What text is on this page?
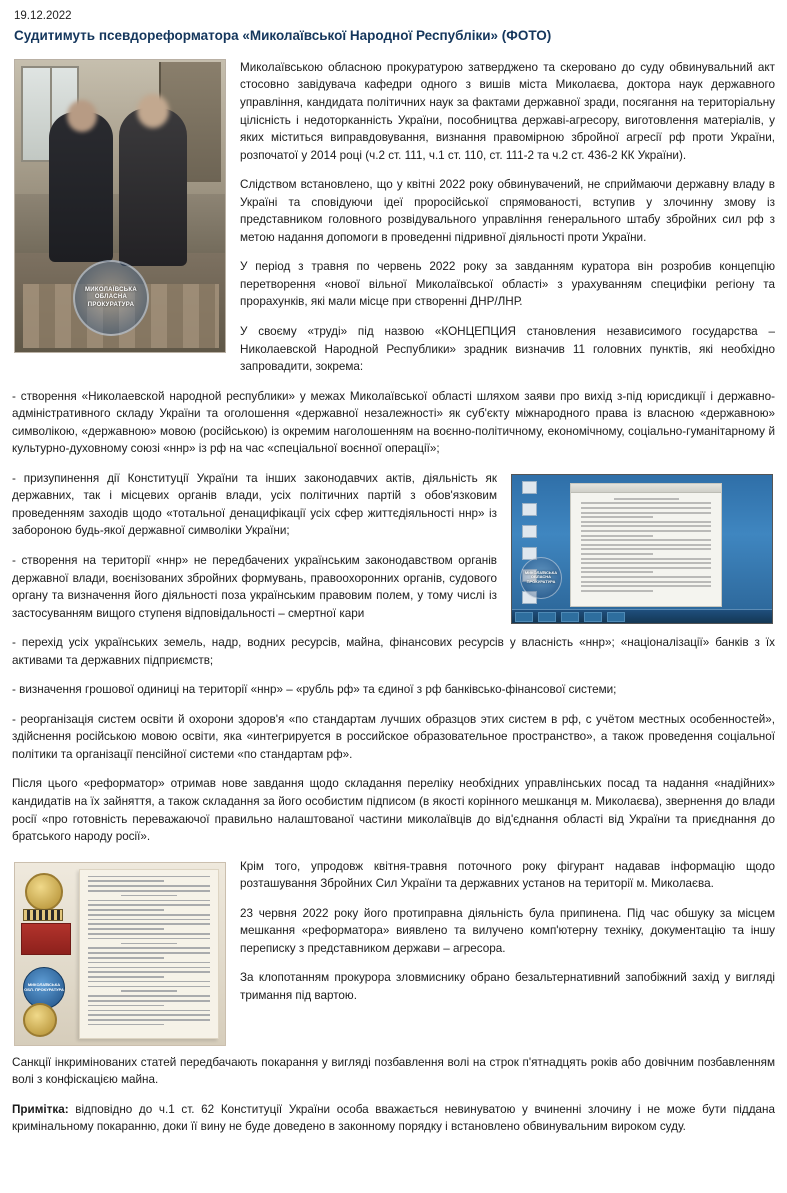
19.12.2022
Судитимуть псевдореформатора «Миколаївської Народної Республіки» (ФОТО)
МИКОЛАЇВСЬКА
ОБЛАСНА
ПРОКУРАТУРА

Миколаївською обласною прокуратурою затверджено та скеровано до суду обвинувальний акт стосовно завідувача кафедри одного з вишів міста Миколаєва, доктора наук державного управління, кандидата політичних наук за фактами державної зради, посягання на територіальну цілісність і недоторканність України, пособництва державі-агресору, виготовлення матеріалів, у яких міститься виправдовування, визнання правомірною збройної агресії рф проти України, розпочатої у 2014 році (ч.2 ст. 111, ч.1 ст. 110, ст. 111-2 та ч.2 ст. 436-2 КК України).

Слідством встановлено, що у квітні 2022 року обвинувачений, не сприймаючи державну владу в Україні та сповідуючи ідеї проросійської спрямованості, вступив у злочинну змову із представником головного розвідувального управління генерального штабу збройних сил рф з метою надання допомоги в проведенні підривної діяльності проти України.

У період з травня по червень 2022 року за завданням куратора він розробив концепцію перетворення «нової вільної Миколаївської області» з урахуванням специфіки регіону та прорахунків, які мали місце при створенні ДНР/ЛНР.

У своєму «труді» під назвою «КОНЦЕПЦИЯ становления независимого государства – Николаевской Народной Республики» зрадник визначив 11 головних пунктів, які необхідно запровадити, зокрема:

- створення «Николаевской народной республики» у межах Миколаївської області шляхом заяви про вихід з-під юрисдикції і державно-адміністративного складу України та оголошення «державної незалежності» як суб'єкту міжнародного права із власною «державною» символікою, «державною» мовою (російською) із окремим наголошенням на воєнно-політичному, економічному, соціально-гуманітарному й культурно-духовному союзі «ннр» із рф на час «спеціальної воєнної операції»;

МИКОЛАЇВСЬКА ОБЛАСНА ПРОКУРАТУРА

- призупинення дії Конституції України та інших законодавчих актів, діяльність як державних, так і місцевих органів влади, усіх політичних партій з обов'язковим проведенням заходів щодо «тотальної денацифікації усіх сфер життєдіяльності ннр» із забороною будь-якої державної символіки України;

- створення на території «ннр» не передбачених українським законодавством органів державної влади, воєнізованих збройних формувань, правоохоронних органів, судового органу та визначення його діяльності поза українським правовим полем, у тому числі із застосуванням вищого ступеня відповідальності – смертної кари

- перехід усіх українських земель, надр, водних ресурсів, майна, фінансових ресурсів у власність «ннр»; «націоналізації» банків з їх активами та державних підприємств;

- визначення грошової одиниці на території «ннр» – «рубль рф» та єдиної з рф банківсько-фінансової системи;

- реорганізація систем освіти й охорони здоров'я «по стандартам лучших образцов этих систем в рф, с учётом местных особенностей», здійснення російською мовою освіти, яка «интегрируется в российское образовательное пространство», а також проведення соціальної політики та організації пенсійної системи «по стандартам рф».

Після цього «реформатор» отримав нове завдання щодо складання переліку необхідних управлінських посад та надання «надійних» кандидатів на їх зайняття, а також складання за його особистим підписом (в якості корінного мешканця м. Миколаєва), звернення до влади росії «про готовність переважаючої правильно налаштованої частини миколаївців до від'єднання області від України та приєднання до братського народу росії».

МИКОЛАЇВСЬКА ОБЛ. ПРОКУРАТУРА

Крім того, упродовж квітня-травня поточного року фігурант надавав інформацію щодо розташування Збройних Сил України та державних установ на території м. Миколаєва.

23 червня 2022 року його протиправна діяльність була припинена. Під час обшуку за місцем мешкання «реформатора» виявлено та вилучено комп'ютерну техніку, документацію та іншу переписку з представником держави – агресора.

За клопотанням прокурора зловмиснику обрано безальтернативний запобіжний захід у вигляді тримання під вартою.

Санкції інкримінованих статей передбачають покарання у вигляді позбавлення волі на строк п'ятнадцять років або довічним позбавленням волі з конфіскацією майна.

Примітка: відповідно до ч.1 ст. 62 Конституції України особа вважається невинуватою у вчиненні злочину і не може бути піддана кримінальному покаранню, доки її вину не буде доведено в законному порядку і встановлено обвинувальним вироком суду.
